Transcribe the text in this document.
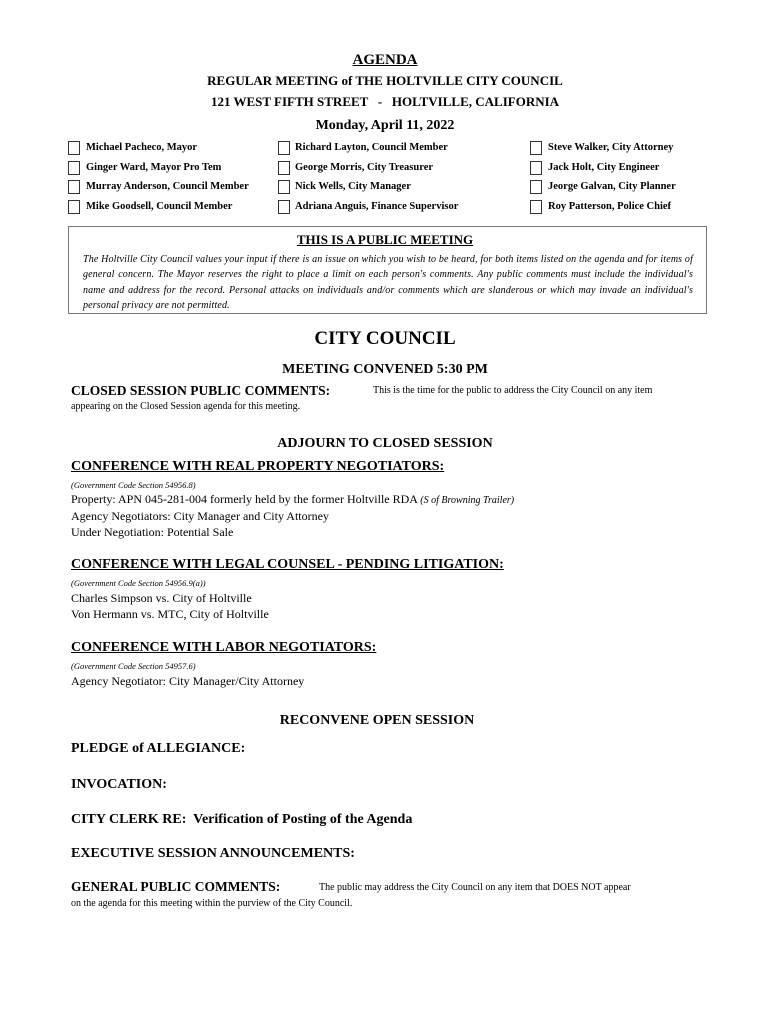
AGENDA
REGULAR MEETING of THE HOLTVILLE CITY COUNCIL
121 WEST FIFTH STREET   -   HOLTVILLE, CALIFORNIA
Monday, April 11, 2022
Michael Pacheco, Mayor
Ginger Ward, Mayor Pro Tem
Murray Anderson, Council Member
Mike Goodsell, Council Member
Richard Layton, Council Member
George Morris, City Treasurer
Nick Wells, City Manager
Adriana Anguis, Finance Supervisor
Steve Walker, City Attorney
Jack Holt, City Engineer
Jeorge Galvan, City Planner
Roy Patterson, Police Chief
THIS IS A PUBLIC MEETING
The Holtville City Council values your input if there is an issue on which you wish to be heard, for both items listed on the agenda and for items of general concern. The Mayor reserves the right to place a limit on each person's comments. Any public comments must include the individual's name and address for the record. Personal attacks on individuals and/or comments which are slanderous or which may invade an individual's personal privacy are not permitted.
CITY COUNCIL
MEETING CONVENED 5:30 PM
CLOSED SESSION PUBLIC COMMENTS:	This is the time for the public to address the City Council on any item
appearing on the Closed Session agenda for this meeting.
ADJOURN TO CLOSED SESSION
CONFERENCE WITH REAL PROPERTY NEGOTIATORS:
(Government Code Section 54956.8)
Property: APN 045-281-004 formerly held by the former Holtville RDA (S of Browning Trailer)
Agency Negotiators: City Manager and City Attorney
Under Negotiation: Potential Sale
CONFERENCE WITH LEGAL COUNSEL - PENDING LITIGATION:
(Government Code Section 54956.9(a))
Charles Simpson vs. City of Holtville
Von Hermann vs. MTC, City of Holtville
CONFERENCE WITH LABOR NEGOTIATORS:
(Government Code Section 54957.6)
Agency Negotiator: City Manager/City Attorney
RECONVENE OPEN SESSION
PLEDGE of ALLEGIANCE:
INVOCATION:
CITY CLERK RE:  Verification of Posting of the Agenda
EXECUTIVE SESSION ANNOUNCEMENTS:
GENERAL PUBLIC COMMENTS:	The public may address the City Council on any item that DOES NOT appear
on the agenda for this meeting within the purview of the City Council.
